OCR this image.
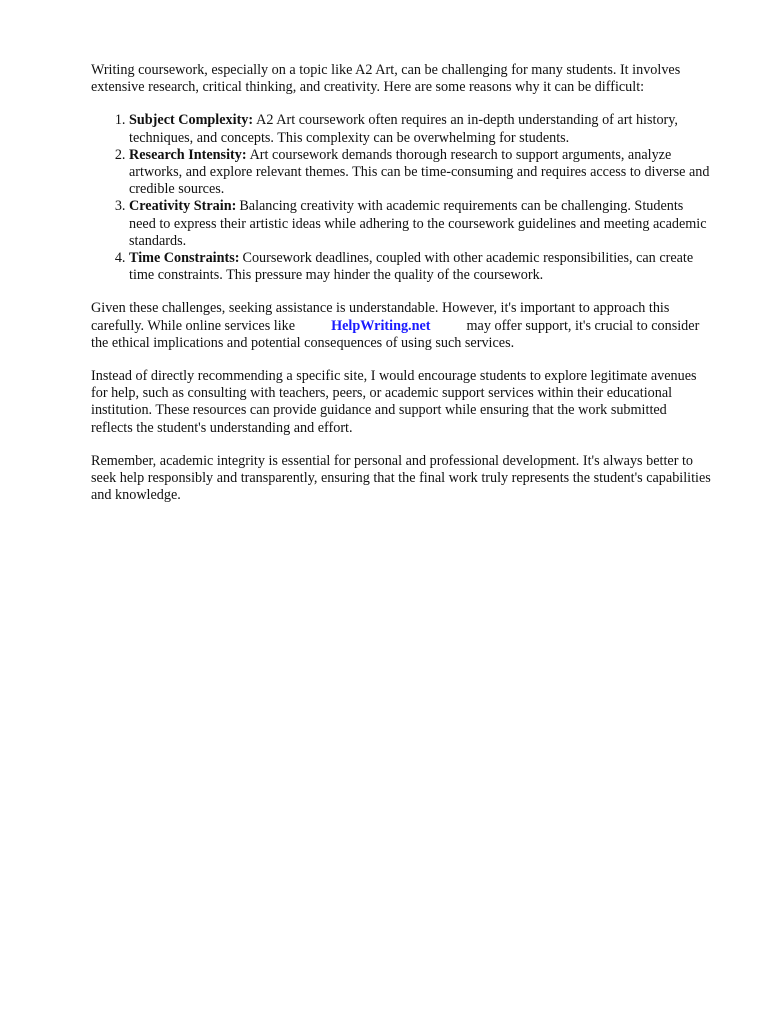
Writing coursework, especially on a topic like A2 Art, can be challenging for many students. It involves extensive research, critical thinking, and creativity. Here are some reasons why it can be difficult:

1. Subject Complexity: A2 Art coursework often requires an in-depth understanding of art history, techniques, and concepts. This complexity can be overwhelming for students.
2. Research Intensity: Art coursework demands thorough research to support arguments, analyze artworks, and explore relevant themes. This can be time-consuming and requires access to diverse and credible sources.
3. Creativity Strain: Balancing creativity with academic requirements can be challenging. Students need to express their artistic ideas while adhering to the coursework guidelines and meeting academic standards.
4. Time Constraints: Coursework deadlines, coupled with other academic responsibilities, can create time constraints. This pressure may hinder the quality of the coursework.

Given these challenges, seeking assistance is understandable. However, it's important to approach this carefully. While online services like	HelpWriting.net	may offer support, it's crucial to consider the ethical implications and potential consequences of using such services.

Instead of directly recommending a specific site, I would encourage students to explore legitimate avenues for help, such as consulting with teachers, peers, or academic support services within their educational institution. These resources can provide guidance and support while ensuring that the work submitted reflects the student's understanding and effort.

Remember, academic integrity is essential for personal and professional development. It's always better to seek help responsibly and transparently, ensuring that the final work truly represents the student's capabilities and knowledge.
